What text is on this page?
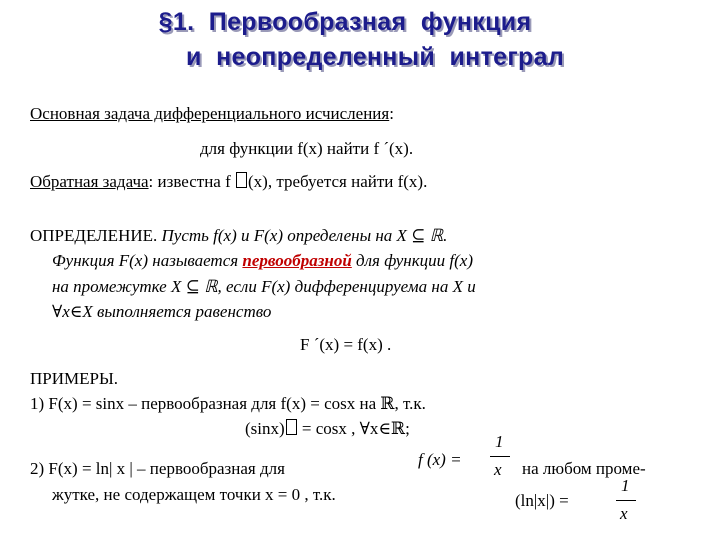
§1.  Первообразная  функция
и  неопределенный  интеграл
Основная задача дифференциального исчисления:
для функции f(x) найти f ´(x).
Обратная задача: известна f (x), требуется найти f(x).
ОПРЕДЕЛЕНИЕ. Пусть f(x) и F(x) определены на X ⊆ ℝ.
Функция F(x) называется первообразной для функции f(x)
на промежутке X ⊆ ℝ, если F(x) дифференцируема на X и
∀x∈X выполняется равенство
F ´(x) = f(x) .
ПРИМЕРЫ.
1) F(x) = sinx – первообразная для f(x) = cosx на ℝ, т.к.
(sinx) = cosx , ∀x∈ℝ;
2) F(x) = ln| x | – первообразная для	f (x) =
1
x на любом проме-
жутке, не содержащем точки x = 0 , т.к.	(ln|x|) =
1
x
